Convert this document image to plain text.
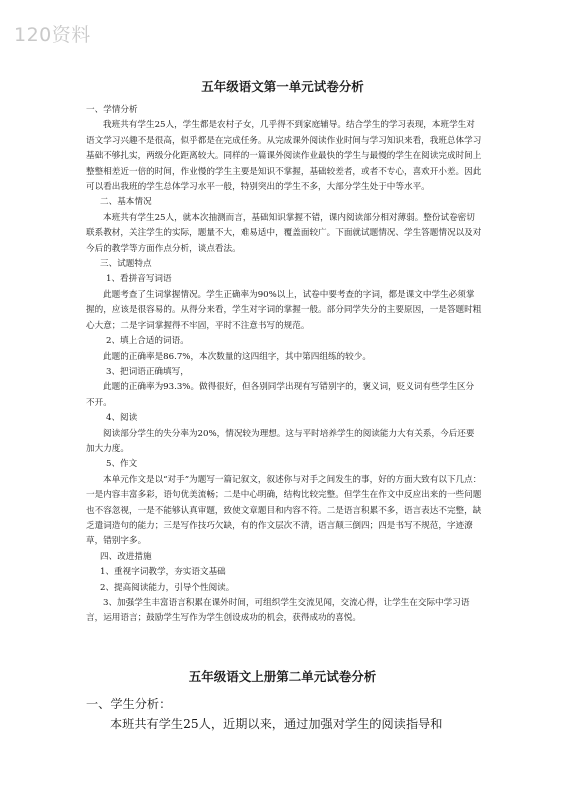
120资料
五年级语文第一单元试卷分析

一、学情分析

我班共有学生25人，学生都是农村子女，几乎得不到家庭辅导。结合学生的学习表现，本班学生对语文学习兴趣不是很高，似乎都是在完成任务。从完成课外阅读作业时间与学习知识来看，我班总体学习基础不够扎实，两级分化距离较大。同样的一篇课外阅读作业最快的学生与最慢的学生在阅读完成时间上整整相差近一倍的时间，作业慢的学生主要是知识不掌握，基础较差者，或者不专心，喜欢开小差。因此可以看出我班的学生总体学习水平一般，特别突出的学生不多，大部分学生处于中等水平。

二、基本情况

本班共有学生25人，就本次抽测而言，基础知识掌握不错，课内阅读部分相对薄弱。整份试卷密切联系教材，关注学生的实际，题量不大，难易适中，覆盖面较广。下面就试题情况、学生答题情况以及对今后的教学等方面作点分析，谈点看法。

三、试题特点

1、看拼音写词语

此题考查了生词掌握情况。学生正确率为90%以上，试卷中要考查的字词，都是课文中学生必须掌握的，应该是很容易的。从得分来看，学生对字词的掌握一般。部分同学失分的主要原因，一是答题时粗心大意；二是字词掌握得不牢固，平时不注意书写的规范。

2、填上合适的词语。

此题的正确率是86.7%，本次数量的这四组字，其中第四组练的较少。

3、把词语正确填写，

此题的正确率为93.3%。做得很好，但各别同学出现有写错别字的，褒义词，贬义词有些学生区分不开。

4、阅读

阅读部分学生的失分率为20%，情况较为理想。这与平时培养学生的阅读能力大有关系，今后还要加大力度。

5、作文

本单元作文是以“对手”为题写一篇记叙文，叙述你与对手之间发生的事，好的方面大致有以下几点：一是内容丰富多彩，语句优美流畅；二是中心明确，结构比较完整。但学生在作文中反应出来的一些问题也不容忽视，一是不能够认真审题，致使文章题目和内容不符。二是语言积累不多，语言表达不完整，缺乏遣词造句的能力；三是写作技巧欠缺，有的作文层次不清，语言颠三倒四；四是书写不规范，字迹潦草，错别字多。

四、改进措施

1、重视字词教学，夯实语文基础

2、提高阅读能力，引导个性阅读。

3、加强学生丰富语言积累在课外时间，可组织学生交流见闻，交流心得，让学生在交际中学习语言，运用语言；鼓励学生写作为学生创设成功的机会，获得成功的喜悦。

五年级语文上册第二单元试卷分析

一、学生分析：

本班共有学生25人，近期以来，通过加强对学生的阅读指导和
